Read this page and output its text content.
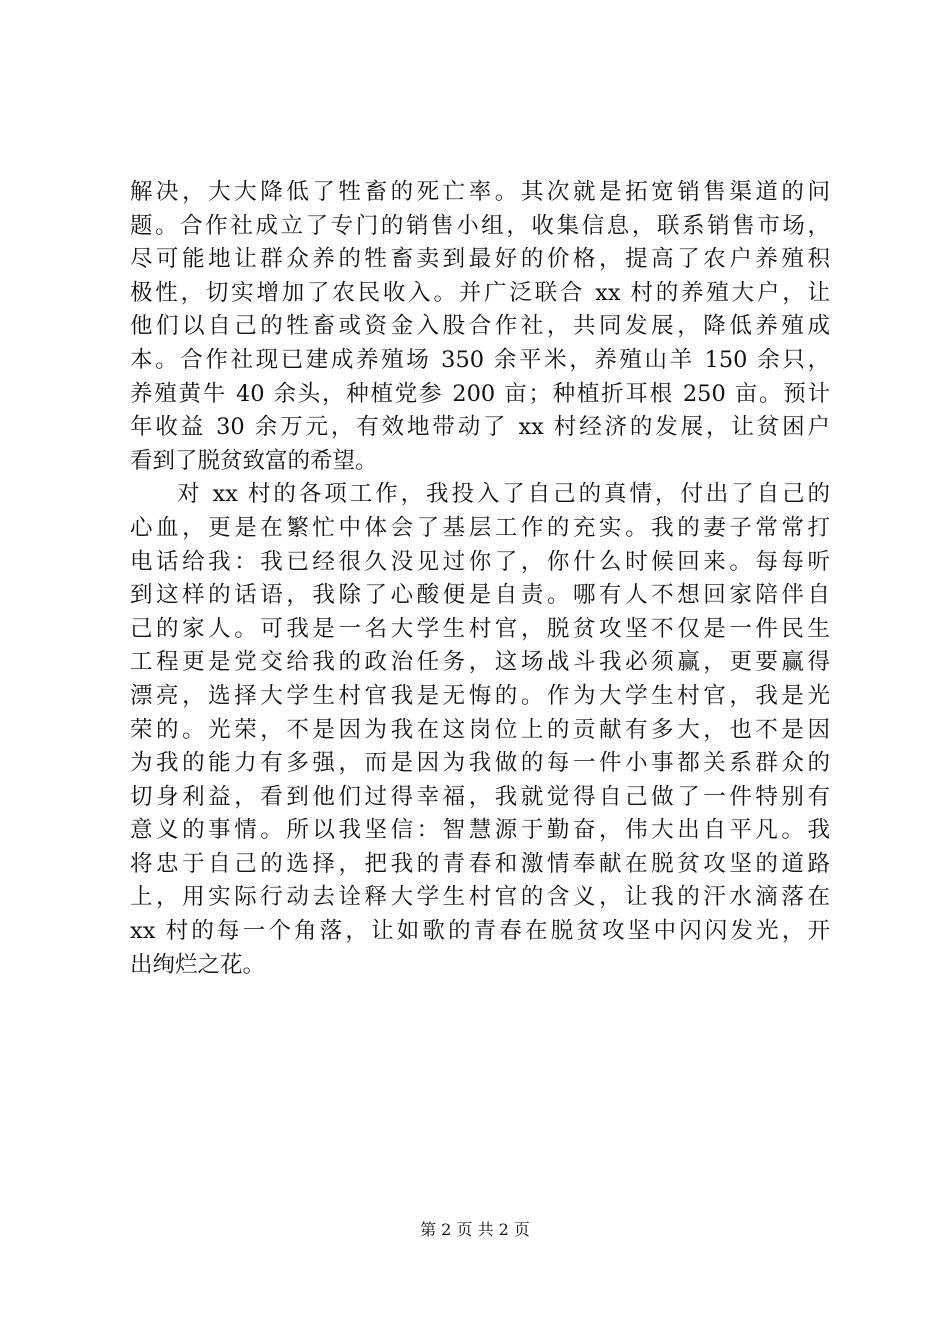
解决，大大降低了牲畜的死亡率。其次就是拓宽销售渠道的问
题。合作社成立了专门的销售小组，收集信息，联系销售市场，
尽可能地让群众养的牲畜卖到最好的价格，提高了农户养殖积
极性，切实增加了农民收入。并广泛联合 xx 村的养殖大户，让
他们以自己的牲畜或资金入股合作社，共同发展，降低养殖成
本。合作社现已建成养殖场 350 余平米，养殖山羊 150 余只，
养殖黄牛 40 余头，种植党参 200 亩；种植折耳根 250 亩。预计
年收益 30 余万元，有效地带动了 xx 村经济的发展，让贫困户
看到了脱贫致富的希望。
对 xx 村的各项工作，我投入了自己的真情，付出了自己的
心血，更是在繁忙中体会了基层工作的充实。我的妻子常常打
电话给我：我已经很久没见过你了，你什么时候回来。每每听
到这样的话语，我除了心酸便是自责。哪有人不想回家陪伴自
己的家人。可我是一名大学生村官，脱贫攻坚不仅是一件民生
工程更是党交给我的政治任务，这场战斗我必须赢，更要赢得
漂亮，选择大学生村官我是无悔的。作为大学生村官，我是光
荣的。光荣，不是因为我在这岗位上的贡献有多大，也不是因
为我的能力有多强，而是因为我做的每一件小事都关系群众的
切身利益，看到他们过得幸福，我就觉得自己做了一件特别有
意义的事情。所以我坚信：智慧源于勤奋，伟大出自平凡。我
将忠于自己的选择，把我的青春和激情奉献在脱贫攻坚的道路
上，用实际行动去诠释大学生村官的含义，让我的汗水滴落在
xx 村的每一个角落，让如歌的青春在脱贫攻坚中闪闪发光，开
出绚烂之花。
第 2 页 共 2 页
